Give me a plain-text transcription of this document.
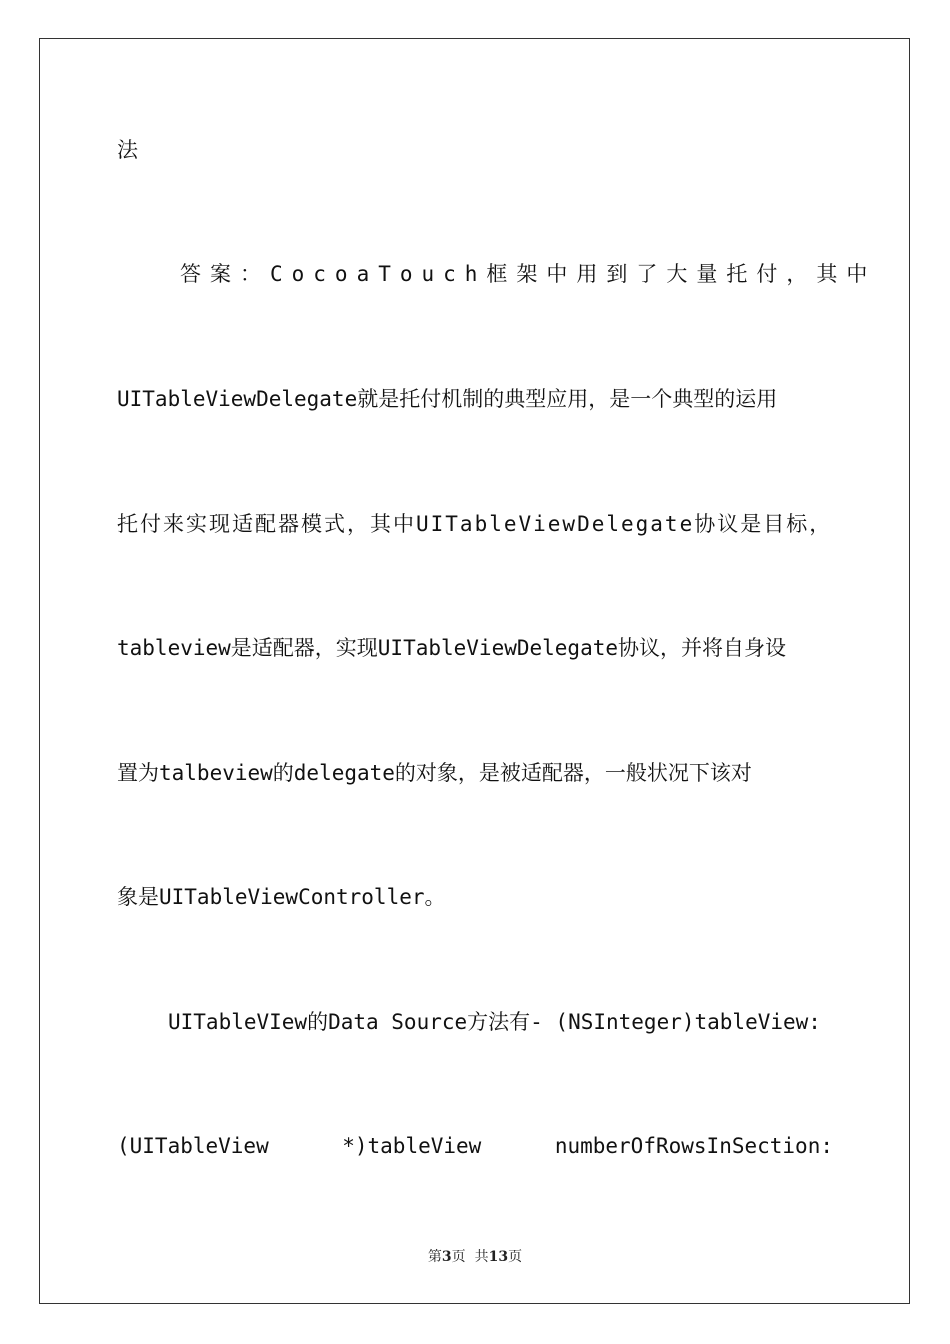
法
答案：CocoaTouch框架中用到了大量托付，其中
UITableViewDelegate就是托付机制的典型应用，是一个典型的运用
托付来实现适配器模式，其中UITableViewDelegate协议是目标，
tableview是适配器，实现UITableViewDelegate协议，并将自身设
置为talbeview的delegate的对象，是被适配器，一般状况下该对
象是UITableViewController。
UITableVIew的Data Source方法有- (NSInteger)tableView:
(UITableView	*)tableView	numberOfRowsInSection:
第3页  共13页
